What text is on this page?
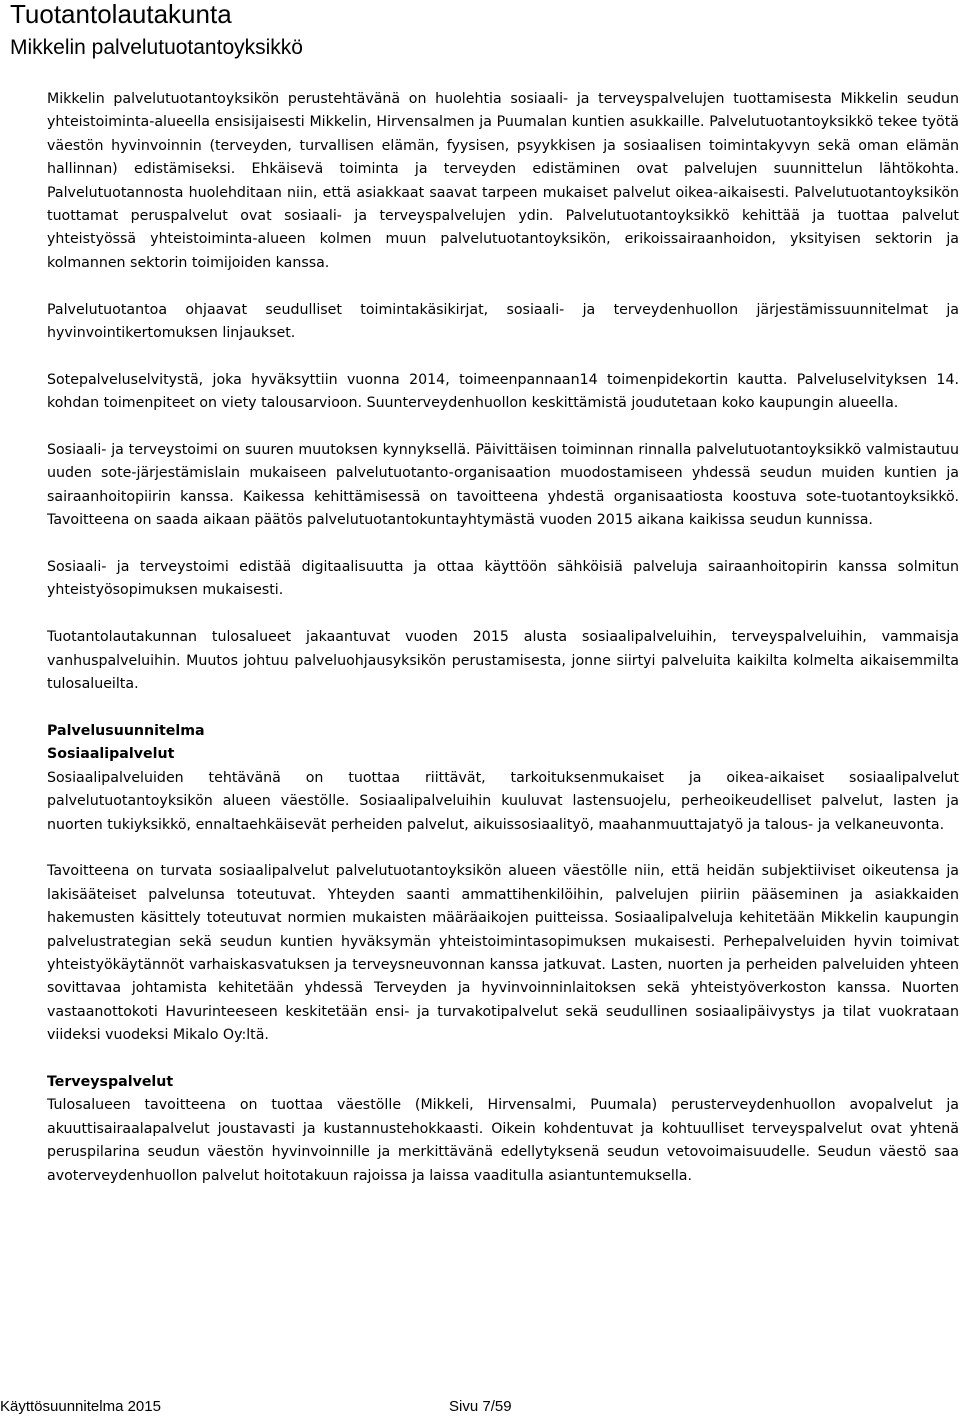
Tuotantolautakunta
Mikkelin palvelutuotantoyksikkö

Mikkelin palvelutuotantoyksikön perustehtävänä on huolehtia sosiaali- ja terveyspalvelujen tuottamisesta Mikkelin seudun yhteistoiminta-alueella ensisijaisesti Mikkelin, Hirvensalmen ja Puumalan kuntien asukkaille. Palvelutuotantoyksikkö tekee työtä väestön hyvinvoinnin (terveyden, turvallisen elämän, fyysisen, psyykkisen ja sosiaalisen toimintakyvyn sekä oman elämän hallinnan) edistämiseksi. Ehkäisevä toiminta ja terveyden edistäminen ovat palvelujen suunnittelun lähtökohta. Palvelutuotannosta huolehditaan niin, että asiakkaat saavat tarpeen mukaiset palvelut oikea-aikaisesti. Palvelutuotantoyksikön tuottamat peruspalvelut ovat sosiaali- ja terveyspalvelujen ydin. Palvelutuotantoyksikkö kehittää ja tuottaa palvelut yhteistyössä yhteistoiminta-alueen kolmen muun palvelutuotantoyksikön, erikoissairaanhoidon, yksityisen sektorin ja kolmannen sektorin toimijoiden kanssa.

Palvelutuotantoa ohjaavat seudulliset toimintakäsikirjat, sosiaali- ja terveydenhuollon järjestämissuunnitelmat ja hyvinvointikertomuksen linjaukset.

Sotepalveluselvitystä, joka hyväksyttiin vuonna 2014, toimeenpannaan14 toimenpidekortin kautta. Palveluselvityksen 14. kohdan toimenpiteet on viety talousarvioon. Suunterveydenhuollon keskittämistä joudutetaan koko kaupungin alueella.

Sosiaali- ja terveystoimi on suuren muutoksen kynnyksellä. Päivittäisen toiminnan rinnalla palvelutuotantoyksikkö valmistautuu uuden sote-järjestämislain mukaiseen palvelutuotanto-organisaation muodostamiseen yhdessä seudun muiden kuntien ja sairaanhoitopiirin kanssa. Kaikessa kehittämisessä on tavoitteena yhdestä organisaatiosta koostuva sote-tuotantoyksikkö. Tavoitteena on saada aikaan päätös palvelutuotantokuntayhtymästä vuoden 2015 aikana kaikissa seudun kunnissa.

Sosiaali- ja terveystoimi edistää digitaalisuutta ja ottaa käyttöön sähköisiä palveluja sairaanhoitopirin kanssa solmitun yhteistyösopimuksen mukaisesti.

Tuotantolautakunnan tulosalueet jakaantuvat vuoden 2015 alusta sosiaalipalveluihin, terveyspalveluihin, vammaisja vanhuspalveluihin. Muutos johtuu palveluohjausyksikön perustamisesta, jonne siirtyi palveluita kaikilta kolmelta aikaisemmilta tulosalueilta.

Palvelusuunnitelma
Sosiaalipalvelut

Sosiaalipalveluiden tehtävänä on tuottaa riittävät, tarkoituksenmukaiset ja oikea-aikaiset sosiaalipalvelut palvelutuotantoyksikön alueen väestölle. Sosiaalipalveluihin kuuluvat lastensuojelu, perheoikeudelliset palvelut, lasten ja nuorten tukiyksikkö, ennaltaehkäisevät perheiden palvelut, aikuissosiaalityö, maahanmuuttajatyö ja talous- ja velkaneuvonta.

Tavoitteena on turvata sosiaalipalvelut palvelutuotantoyksikön alueen väestölle niin, että heidän subjektiiviset oikeutensa ja lakisääteiset palvelunsa toteutuvat. Yhteyden saanti ammattihenkilöihin, palvelujen piiriin pääseminen ja asiakkaiden hakemusten käsittely toteutuvat normien mukaisten määräaikojen puitteissa. Sosiaalipalveluja kehitetään Mikkelin kaupungin palvelustrategian sekä seudun kuntien hyväksymän yhteistoimintasopimuksen mukaisesti. Perhepalveluiden hyvin toimivat yhteistyökäytännöt varhaiskasvatuksen ja terveysneuvonnan kanssa jatkuvat. Lasten, nuorten ja perheiden palveluiden yhteen sovittavaa johtamista kehitetään yhdessä Terveyden ja hyvinvoinninlaitoksen sekä yhteistyöverkoston kanssa. Nuorten vastaanottokoti Havurinteeseen keskitetään ensi- ja turvakotipalvelut sekä seudullinen sosiaalipäivystys ja tilat vuokrataan viideksi vuodeksi Mikalo Oy:ltä.

Terveyspalvelut

Tulosalueen tavoitteena on tuottaa väestölle (Mikkeli, Hirvensalmi, Puumala) perusterveydenhuollon avopalvelut ja akuuttisairaalapalvelut joustavasti ja kustannustehokkaasti. Oikein kohdentuvat ja kohtuulliset terveyspalvelut ovat yhtenä peruspilarina seudun väestön hyvinvoinnille ja merkittävänä edellytyksenä seudun vetovoimaisuudelle. Seudun väestö saa avoterveydenhuollon palvelut hoitotakuun rajoissa ja laissa vaaditulla asiantuntemuksella.

Käyttösuunnitelma 2015	Sivu 7/59
